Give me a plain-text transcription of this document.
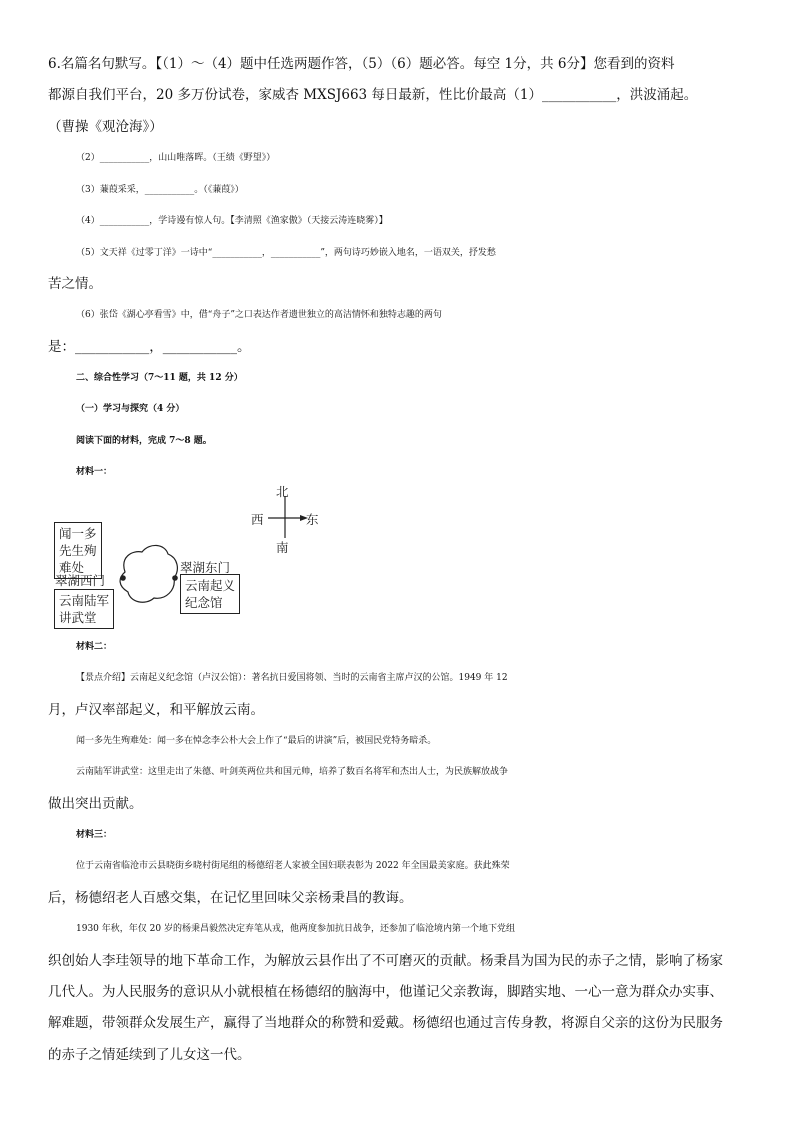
6.名篇名句默写。【（1）～（4）题中任选两题作答，（5）（6）题必答。每空 1分，共 6分】您看到的资料
都源自我们平台，20 多万份试卷，家威杏 MXSJ663 每日最新，性比价最高（1）___________，洪波涌起。
（曹操《观沧海》）
（2）___________，山山唯落晖。（王绩《野望》）
（3）蒹葭采采，___________。（《蒹葭》）
（4）___________，学诗谩有惊人句。【李清照《渔家傲》（天接云涛连晓雾）】
（5）文天祥《过零丁洋》一诗中“___________，___________”，两句诗巧妙嵌入地名，一语双关，抒发愁
苦之情。
（6）张岱《湖心亭看雪》中，借“舟子”之口表达作者遗世独立的高洁情怀和独特志趣的两句
是：___________，___________。
二、综合性学习（7～11 题，共 12 分）
（一）学习与探究（4 分）
阅读下面的材料，完成 7～8 题。
材料一：
北
西	东
南
闻一多
先生殉
难处
翠湖西门
云南陆军
讲武堂
翠湖东门
云南起义
纪念馆
材料二：
【景点介绍】云南起义纪念馆（卢汉公馆）：著名抗日爱国将领、当时的云南省主席卢汉的公馆。1949 年 12
月，卢汉率部起义，和平解放云南。
闻一多先生殉难处：闻一多在悼念李公朴大会上作了“最后的讲演”后，被国民党特务暗杀。
云南陆军讲武堂：这里走出了朱德、叶剑英两位共和国元帅，培养了数百名将军和杰出人士，为民族解放战争
做出突出贡献。
材料三：
位于云南省临沧市云县晓街乡晓村街尾组的杨德绍老人家被全国妇联表彰为 2022 年全国最美家庭。获此殊荣
后，杨德绍老人百感交集，在记忆里回味父亲杨秉昌的教诲。
1930 年秋，年仅 20 岁的杨秉昌毅然决定弃笔从戎，他两度参加抗日战争，还参加了临沧境内第一个地下党组
织创始人李珪领导的地下革命工作，为解放云县作出了不可磨灭的贡献。杨秉昌为国为民的赤子之情，影响了杨家
几代人。为人民服务的意识从小就根植在杨德绍的脑海中，他谨记父亲教诲，脚踏实地、一心一意为群众办实事、
解难题，带领群众发展生产，赢得了当地群众的称赞和爱戴。杨德绍也通过言传身教，将源自父亲的这份为民服务
的赤子之情延续到了儿女这一代。
